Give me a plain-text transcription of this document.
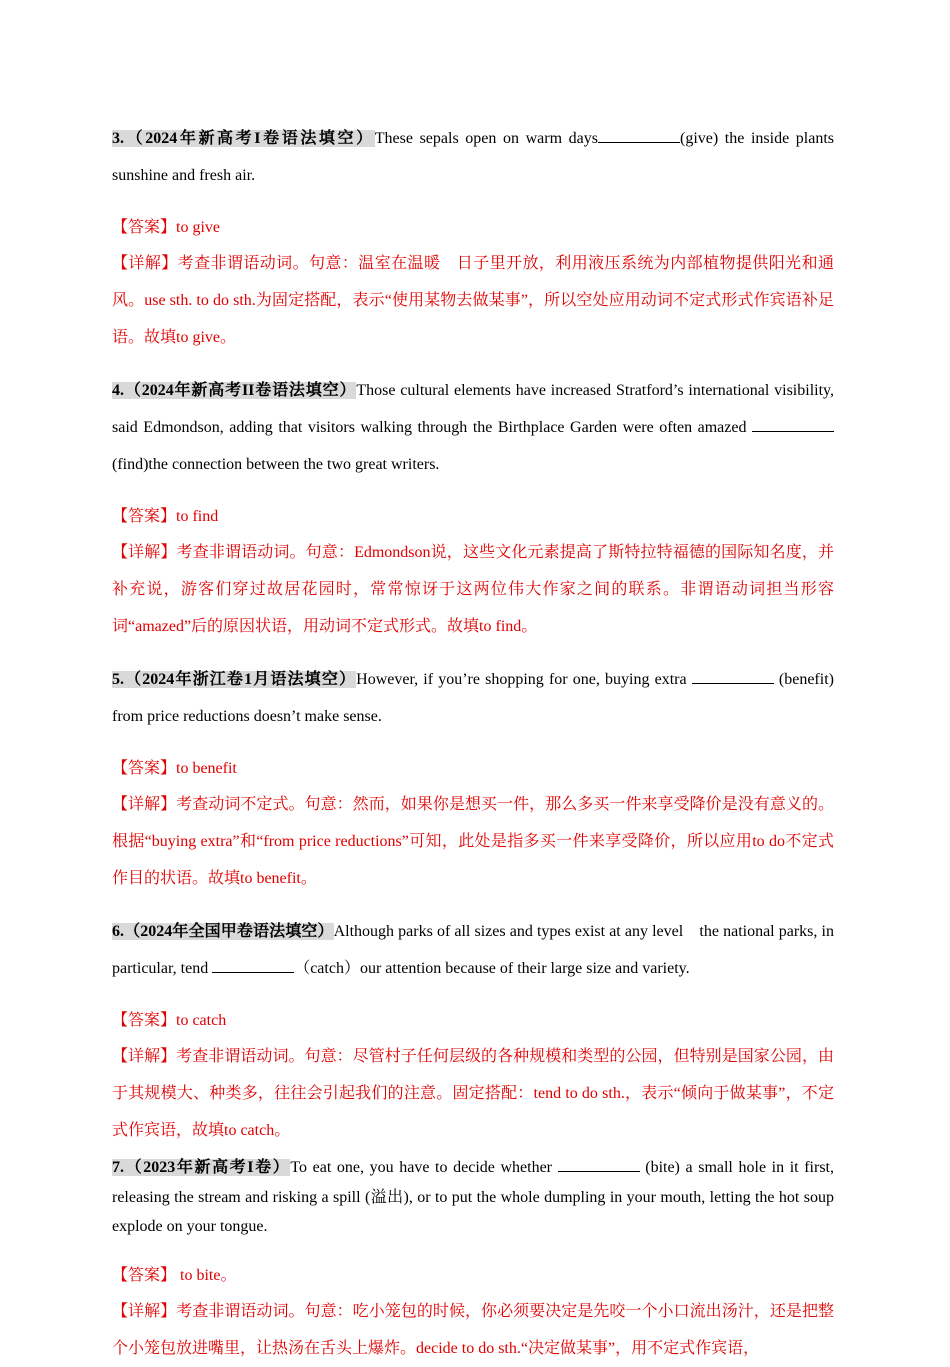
3.（2024年新高考I卷语法填空）These sepals open on warm days	(give) the inside plants sunshine and fresh air.

【答案】to give
【详解】考查非谓语动词。句意：温室在温暖　日子里开放，利用液压系统为内部植物提供阳光和通风。use sth. to do sth.为固定搭配，表示“使用某物去做某事”，所以空处应用动词不定式形式作宾语补足语。故填to give。

4.（2024年新高考II卷语法填空）Those cultural elements have increased Stratford’s international visibility, said Edmondson, adding that visitors walking through the Birthplace Garden were often amazed  (find)the connection between the two great writers.

【答案】to find
【详解】考查非谓语动词。句意：Edmondson说，这些文化元素提高了斯特拉特福德的国际知名度，并补充说，游客们穿过故居花园时，常常惊讶于这两位伟大作家之间的联系。非谓语动词担当形容词“amazed”后的原因状语，用动词不定式形式。故填to find。

5.（2024年浙江卷1月语法填空）However, if you’re shopping for one, buying extra	(benefit) from price reductions doesn’t make sense.

【答案】to benefit
【详解】考查动词不定式。句意：然而，如果你是想买一件，那么多买一件来享受降价是没有意义的。根据“buying extra”和“from price reductions”可知，此处是指多买一件来享受降价，所以应用to do不定式作目的状语。故填to benefit。

6.（2024年全国甲卷语法填空）Although parks of all sizes and types exist at any level　the national parks, in particular, tend	（catch）our attention because of their large size and variety.

【答案】to catch
【详解】考查非谓语动词。句意：尽管村子任何层级的各种规模和类型的公园，但特别是国家公园，由于其规模大、种类多，往往会引起我们的注意。固定搭配：tend to do sth.，表示“倾向于做某事”，不定式作宾语，故填to catch。

7.（2023年新高考I卷）To eat one, you have to decide whether	(bite) a small hole in it first, releasing the stream and risking a spill (溢出), or to put the whole dumpling in your mouth, letting the hot soup explode on your tongue.

【答案】 to bite。
【详解】考查非谓语动词。句意：吃小笼包的时候，你必须要决定是先咬一个小口流出汤汁，还是把整个小笼包放进嘴里，让热汤在舌头上爆炸。decide to do sth.“决定做某事”，用不定式作宾语，
